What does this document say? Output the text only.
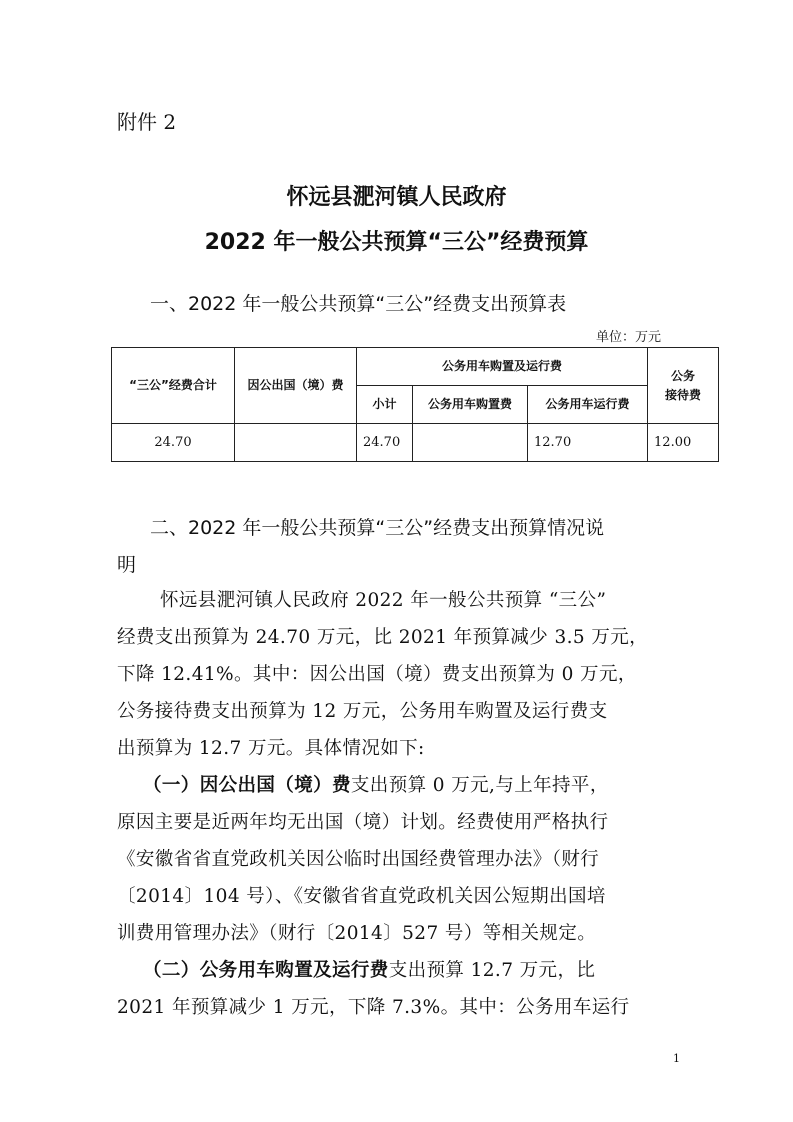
附件 2
怀远县淝河镇人民政府
2022 年一般公共预算“三公”经费预算
一、2022 年一般公共预算“三公”经费支出预算表
单位：万元
“三公”经费合计	因公出国（境）费	公务用车购置及运行费			公务
接待费

		小计	公务用车购置费	公务用车运行费	
24.70		24.70		12.70	12.00
二、2022 年一般公共预算“三公”经费支出预算情况说
明
怀远县淝河镇人民政府 2022 年一般公共预算 “三公”
经费支出预算为 24.70 万元，比 2021 年预算减少 3.5 万元，
下降 12.41%。其中：因公出国（境）费支出预算为 0 万元，
公务接待费支出预算为 12 万元，公务用车购置及运行费支
出预算为 12.7 万元。具体情况如下:
（一）因公出国（境）费支出预算 0 万元,与上年持平，
原因主要是近两年均无出国（境）计划。经费使用严格执行
《安徽省省直党政机关因公临时出国经费管理办法》（财行
〔2014〕104 号）、《安徽省省直党政机关因公短期出国培
训费用管理办法》（财行〔2014〕527 号）等相关规定。
（二）公务用车购置及运行费支出预算 12.7 万元，比
2021 年预算减少 1 万元，下降 7.3%。其中：公务用车运行
1
